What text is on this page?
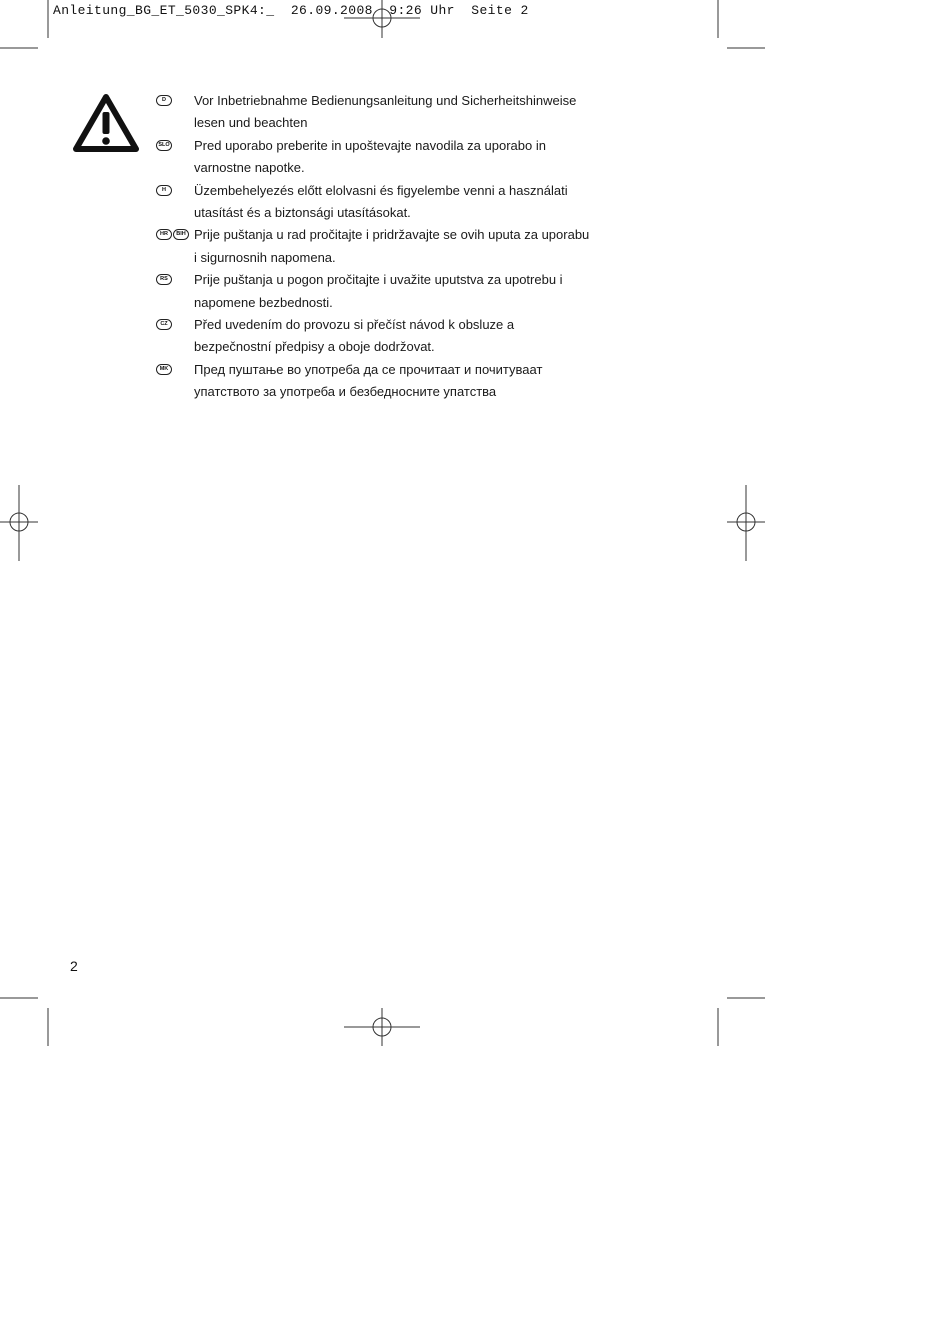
Anleitung_BG_ET_5030_SPK4:_  26.09.2008  9:26 Uhr  Seite 2
D	Vor Inbetriebnahme Bedienungsanleitung und Sicherheitshinweise

lesen und beachten

SLO Pred uporabo preberite in upoštevajte navodila za uporabo in

varnostne napotke.

H	Üzembehelyezés előtt elolvasni és figyelembe venni a használati

utasítást és a biztonsági utasításokat.

HR	BIH Prije puštanja u rad pročitajte i pridržavajte se ovih uputa za uporabu

i sigurnosnih napomena.

RS	Prije puštanja u pogon pročitajte i uvažite uputstva za upotrebu i

napomene bezbednosti.

CZ	Před uvedením do provozu si přečíst návod k obsluze a

bezpečnostní předpisy a oboje dodržovat.

MK Пред пуштање во употреба да се прочитаат и почитуваат

упатството за употреба и безбедносните упатства

2
